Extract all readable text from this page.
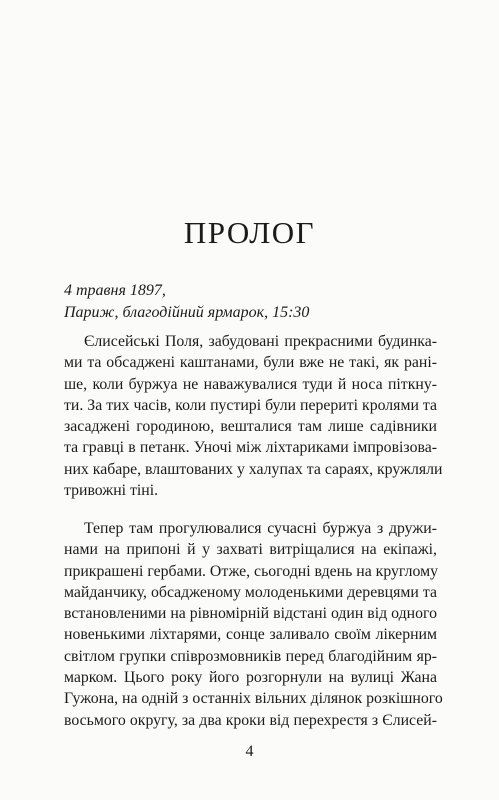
ПРОЛОГ
4 травня 1897,
Париж, благодійний ярмарок, 15:30
Єлисейські Поля, забудовані прекрасними будинка-
ми та обсаджені каштанами, були вже не такі, як рані-
ше, коли буржуа не наважувалися туди й носа піткну-
ти. За тих часів, коли пустирі були перериті кролями та
засаджені городиною, вешталися там лише садівники
та гравці в петанк. Уночі між ліхтариками імпровізова-
них кабаре, влаштованих у халупах та сараях, кружляли
тривожні тіні.
Тепер там прогулювалися сучасні буржуа з дружи-
нами на припоні й у захваті витріщалися на екіпажі,
прикрашені гербами. Отже, сьогодні вдень на круглому
майданчику, обсадженому молоденькими деревцями та
встановленими на рівномірній відстані один від одного
новенькими ліхтарями, сонце заливало своїм лікерним
світлом групки співрозмовників перед благодійним яр-
марком. Цього року його розгорнули на вулиці Жана
Гужона, на одній з останніх вільних ділянок розкішного
восьмого округу, за два кроки від перехрестя з Єлисей-
4
